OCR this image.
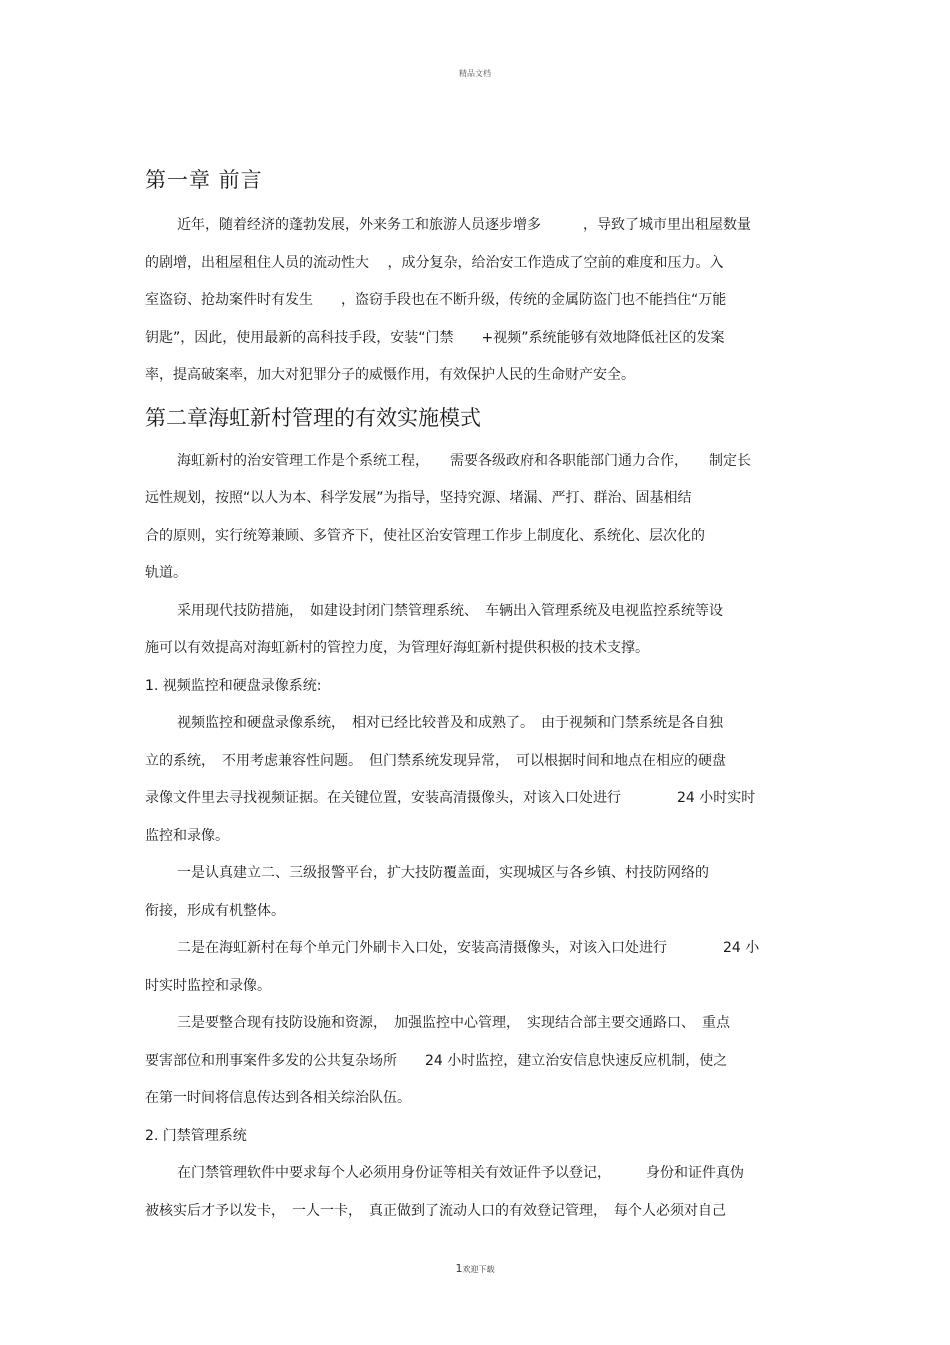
精品文档
第一章 前言

近年，随着经济的蓬勃发展，外来务工和旅游人员逐步增多　　　，导致了城市里出租屋数量
的剧增，出租屋租住人员的流动性大　 ，成分复杂，给治安工作造成了空前的难度和压力。入
室盗窃、抢劫案件时有发生　　，盗窃手段也在不断升级，传统的金属防盗门也不能挡住“万能
钥匙”，因此，使用最新的高科技手段，安装“门禁　　+视频”系统能够有效地降低社区的发案
率，提高破案率，加大对犯罪分子的威慑作用，有效保护人民的生命财产安全。

第二章海虹新村管理的有效实施模式

海虹新村的治安管理工作是个系统工程，　　需要各级政府和各职能部门通力合作，　　制定长
远性规划，按照“以人为本、科学发展”为指导，坚持究源、堵漏、严打、群治、固基相结
合的原则，实行统筹兼顾、多管齐下，使社区治安管理工作步上制度化、系统化、层次化的
轨道。

采用现代技防措施，　如建设封闭门禁管理系统、　车辆出入管理系统及电视监控系统等设
施可以有效提高对海虹新村的管控力度，为管理好海虹新村提供积极的技术支撑。

1. 视频监控和硬盘录像系统:

视频监控和硬盘录像系统，　相对已经比较普及和成熟了。　由于视频和门禁系统是各自独
立的系统，　不用考虑兼容性问题。　但门禁系统发现异常，　可以根据时间和地点在相应的硬盘
录像文件里去寻找视频证据。在关键位置，安装高清摄像头，对该入口处进行　　　　24 小时实时
监控和录像。

一是认真建立二、三级报警平台，扩大技防覆盖面，实现城区与各乡镇、村技防网络的
衔接，形成有机整体。

二是在海虹新村在每个单元门外刷卡入口处，安装高清摄像头，对该入口处进行　　　　24 小
时实时监控和录像。

三是要整合现有技防设施和资源，　加强监控中心管理，　实现结合部主要交通路口、　重点
要害部位和刑事案件多发的公共复杂场所　　24 小时监控，建立治安信息快速反应机制，使之
在第一时间将信息传达到各相关综治队伍。

2. 门禁管理系统

在门禁管理软件中要求每个人必须用身份证等相关有效证件予以登记，　　　身份和证件真伪
被核实后才予以发卡，　一人一卡，　真正做到了流动人口的有效登记管理，　每个人必须对自己

1欢迎下载
